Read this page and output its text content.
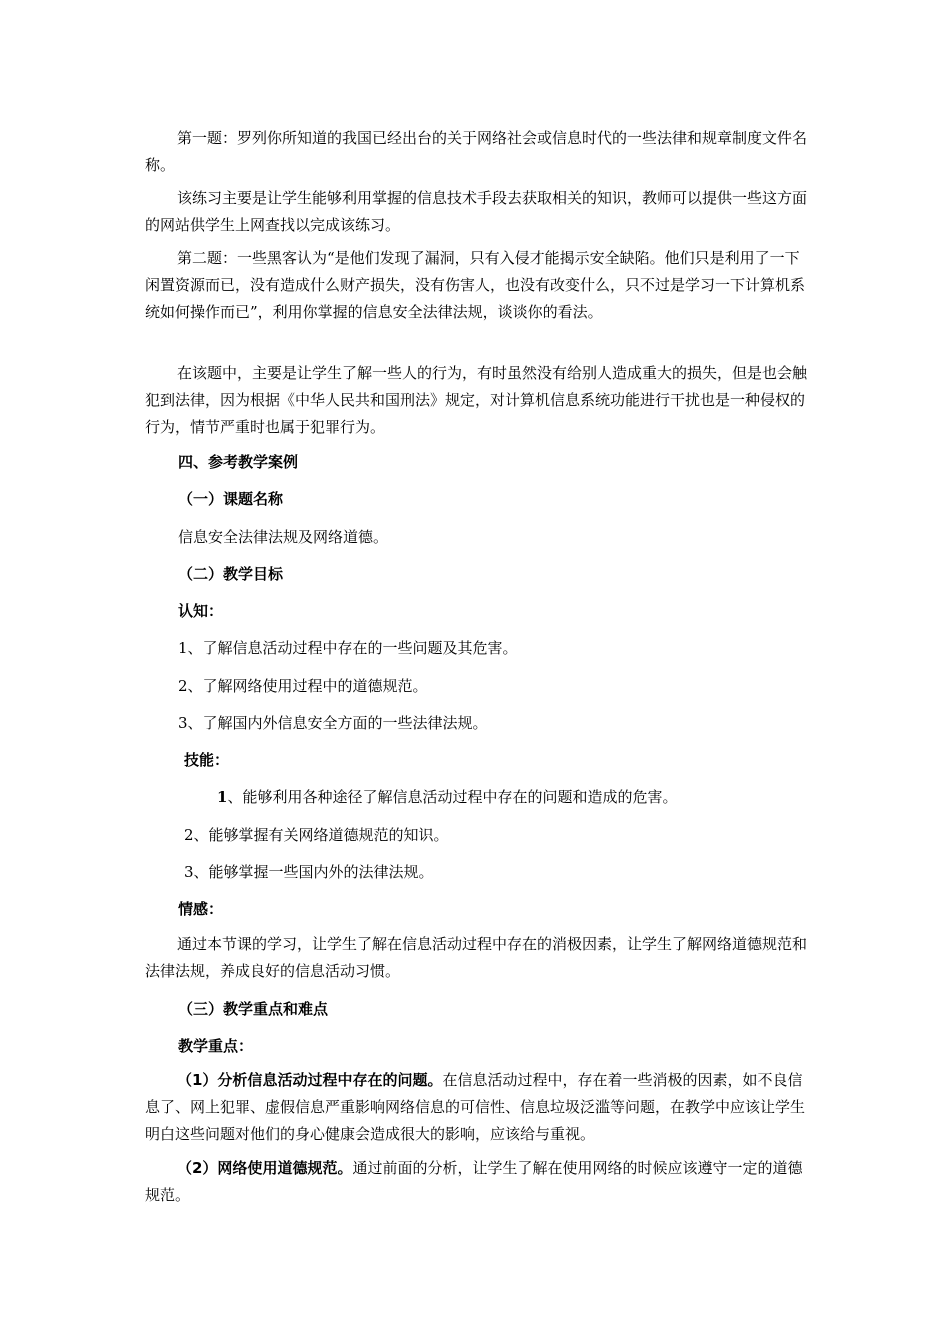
第一题：罗列你所知道的我国已经出台的关于网络社会或信息时代的一些法律和规章制度文件名称。

该练习主要是让学生能够利用掌握的信息技术手段去获取相关的知识，教师可以提供一些这方面的网站供学生上网查找以完成该练习。

第二题：一些黑客认为“是他们发现了漏洞，只有入侵才能揭示安全缺陷。他们只是利用了一下闲置资源而已，没有造成什么财产损失，没有伤害人，也没有改变什么，只不过是学习一下计算机系统如何操作而已”，利用你掌握的信息安全法律法规，谈谈你的看法。

在该题中，主要是让学生了解一些人的行为，有时虽然没有给别人造成重大的损失，但是也会触犯到法律，因为根据《中华人民共和国刑法》规定，对计算机信息系统功能进行干扰也是一种侵权的行为，情节严重时也属于犯罪行为。

四、参考教学案例

（一）课题名称

信息安全法律法规及网络道德。

（二）教学目标

认知：

1、了解信息活动过程中存在的一些问题及其危害。

2、了解网络使用过程中的道德规范。

3、了解国内外信息安全方面的一些法律法规。

技能：

1、能够利用各种途径了解信息活动过程中存在的问题和造成的危害。

2、能够掌握有关网络道德规范的知识。

3、能够掌握一些国内外的法律法规。

情感：

通过本节课的学习，让学生了解在信息活动过程中存在的消极因素，让学生了解网络道德规范和法律法规，养成良好的信息活动习惯。

（三）教学重点和难点

教学重点：

（1）分析信息活动过程中存在的问题。在信息活动过程中，存在着一些消极的因素，如不良信息了、网上犯罪、虚假信息严重影响网络信息的可信性、信息垃圾泛滥等问题，在教学中应该让学生明白这些问题对他们的身心健康会造成很大的影响，应该给与重视。

（2）网络使用道德规范。通过前面的分析，让学生了解在使用网络的时候应该遵守一定的道德规范。
